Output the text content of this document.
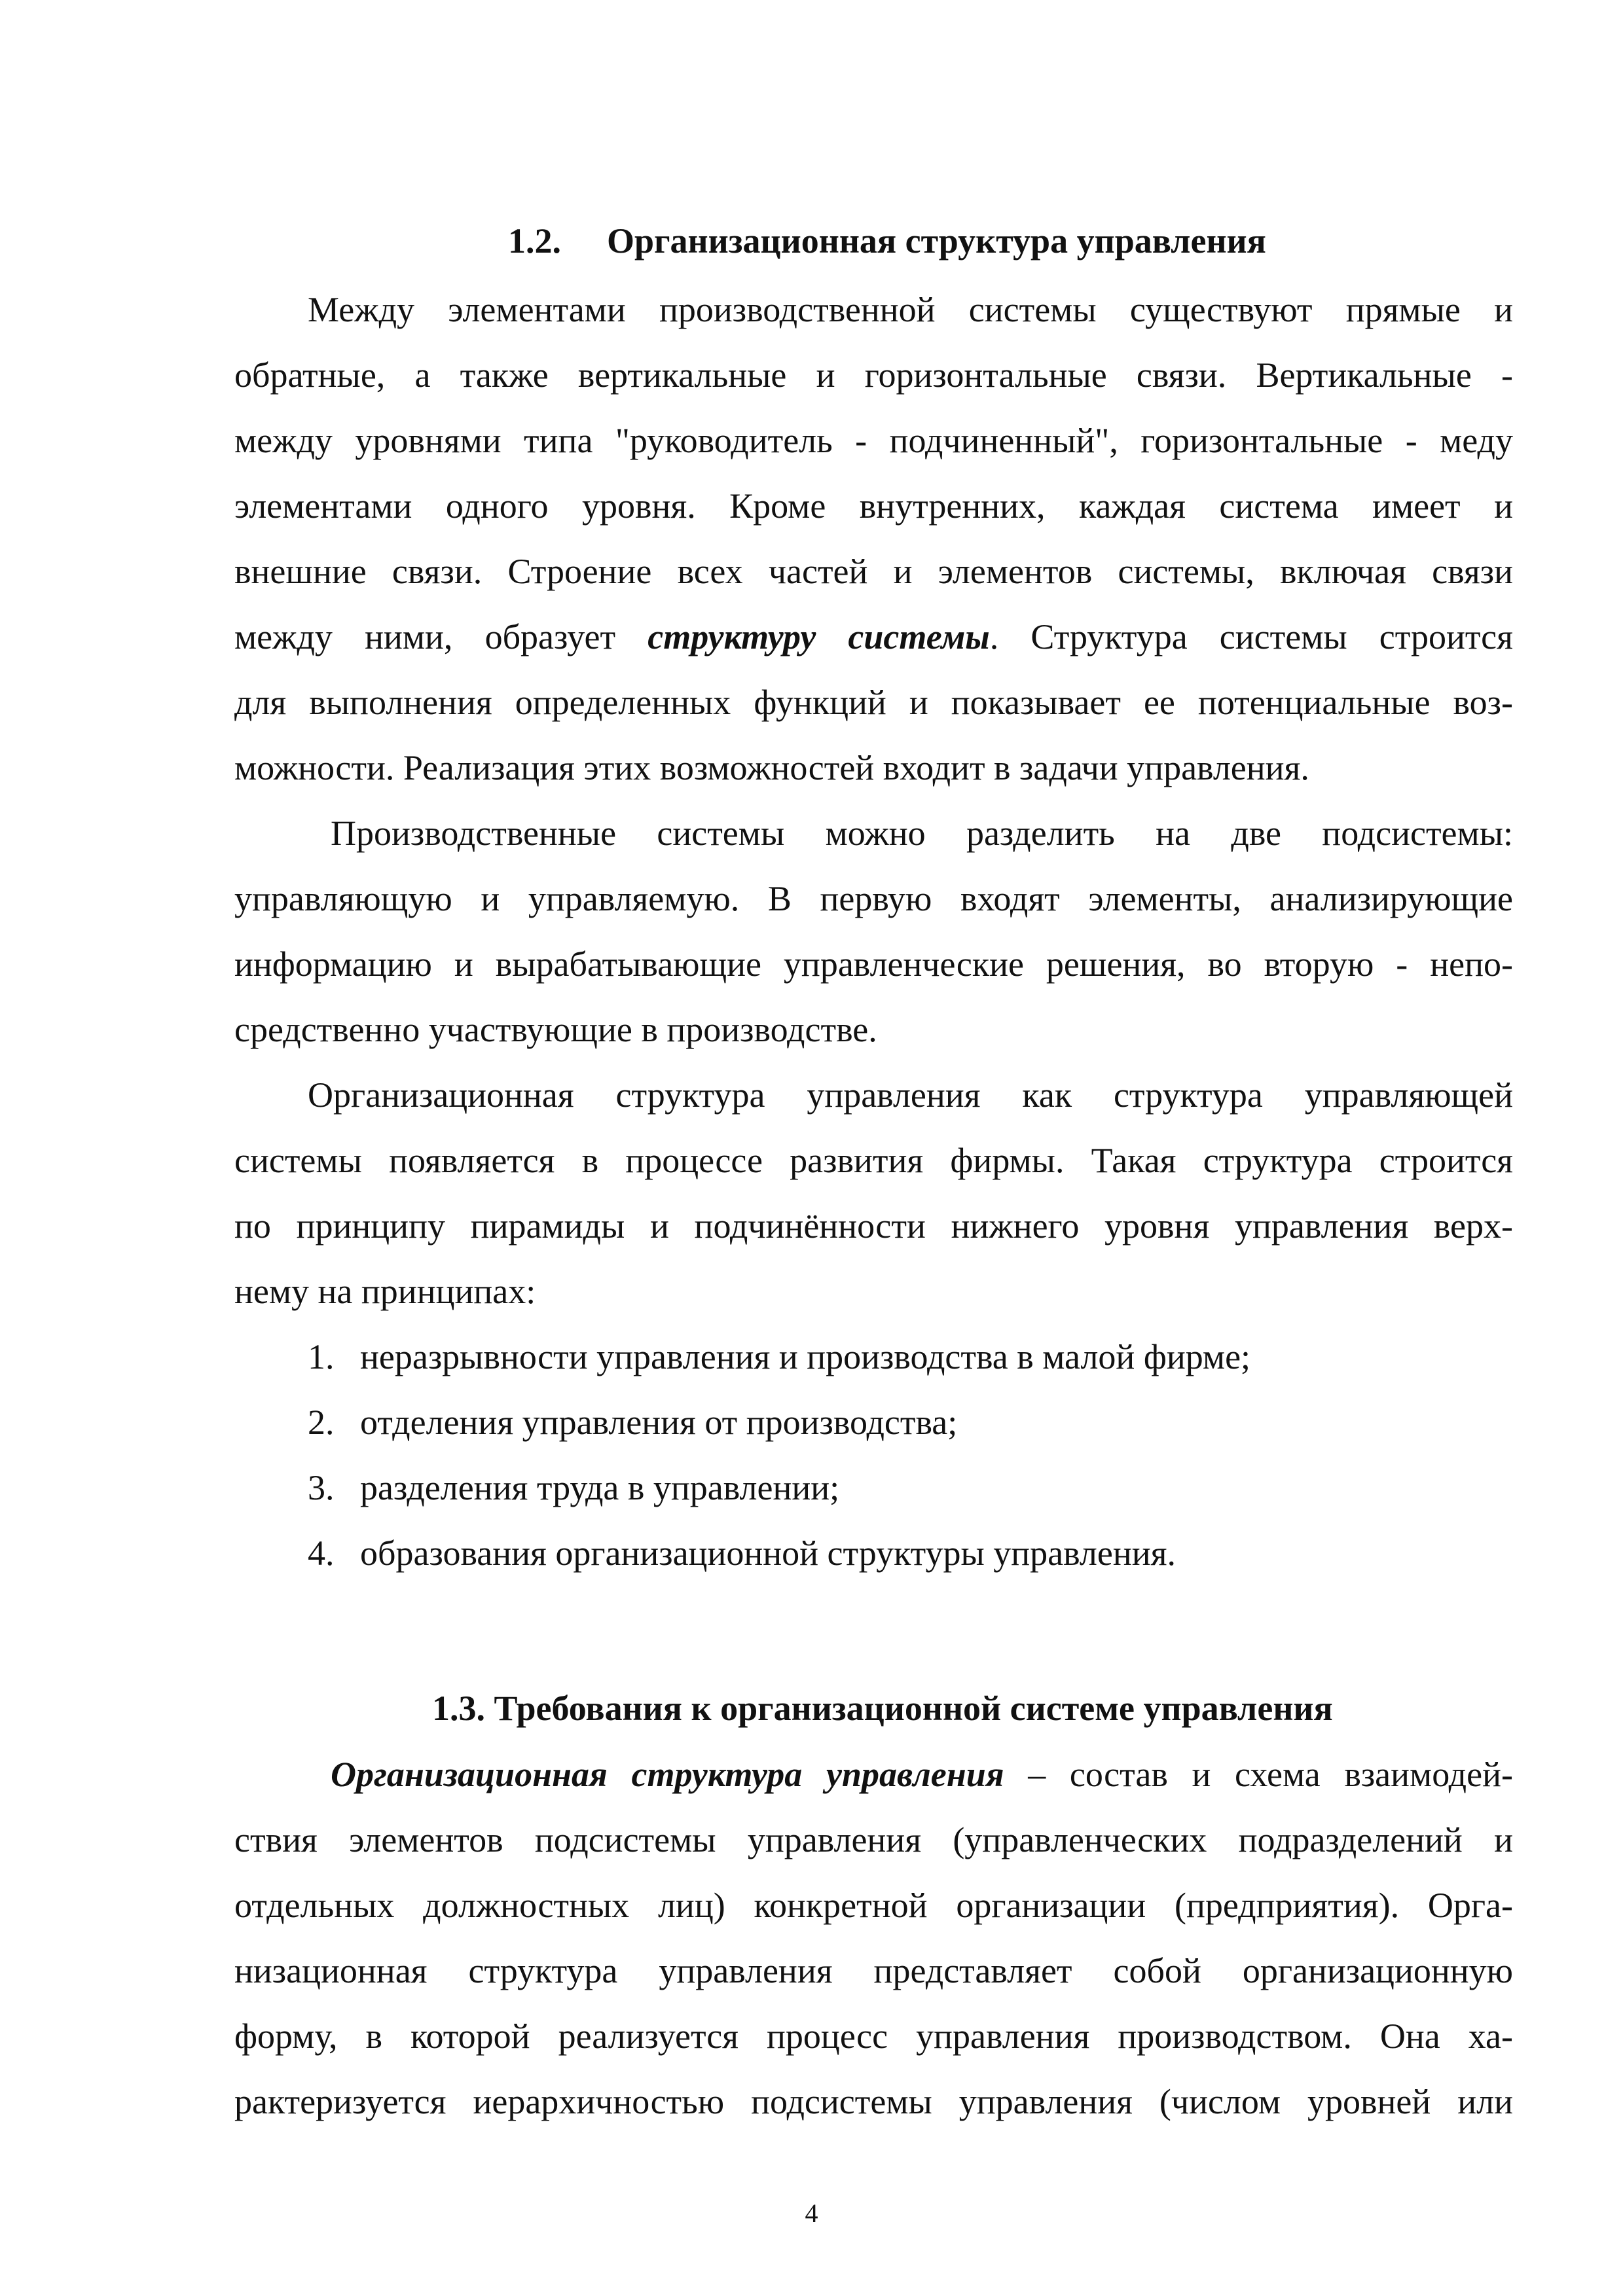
1.2. Организационная структура управления
Между элементами производственной системы существуют прямые и
обратные, а также вертикальные и горизонтальные связи. Вертикальные -
между уровнями типа "руководитель - подчиненный", горизонтальные - меду
элементами одного уровня. Кроме внутренних, каждая система имеет и
внешние связи. Строение всех частей и элементов системы, включая связи
между ними, образует структуру системы. Структура системы строится
для выполнения определенных функций и показывает ее потенциальные воз-
можности. Реализация этих возможностей входит в задачи управления.
Производственные системы можно разделить на две подсистемы:
управляющую и управляемую. В первую входят элементы, анализирующие
информацию и вырабатывающие управленческие решения, во вторую - непо-
средственно участвующие в производстве.
Организационная структура управления как структура управляющей
системы появляется в процессе развития фирмы. Такая структура строится
по принципу пирамиды и подчинённости нижнего уровня управления верх-
нему на принципах:
1. неразрывности управления и производства в малой фирме;
2. отделения управления от производства;
3. разделения труда в управлении;
4. образования организационной структуры управления.
1.3. Требования к организационной системе управления
Организационная структура управления – состав и схема взаимодей-
ствия элементов подсистемы управления (управленческих подразделений и
отдельных должностных лиц) конкретной организации (предприятия). Орга-
низационная структура управления представляет собой организационную
форму, в которой реализуется процесс управления производством. Она ха-
рактеризуется иерархичностью подсистемы управления (числом уровней или
4
